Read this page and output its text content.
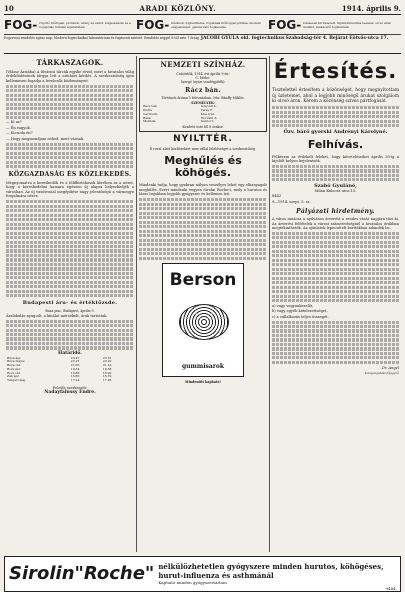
10	ARADI KÖZLÖNY.	1914. április 9.
FOG- rögzítő műfogak, plombok, arany és ezüst, szájsebészet és a fogápolás minden ágazatában.	FOG- húzások, fogbeültetés, fogaknak műfoggal pótlása, modern szájsebészet, gázzal való fogkezelés.	FOG- Ízlésesen kivitelezett, fájdalommentes kezelés, olcsó árak mellett, szakszerű fogmunkák.
Fogorvosi rendelés egész nap. Modern fogtechnikai laboratórium és fogászati intézet. Rendelés reggel 8-tól este 7 óráig. JACOBI GYULA okl. fogtechnikus Szabadság-tér 4. Bejárat Eötvös-utca 17.
TÁRKASZAGOK.
(Válasz Ázsiába) A fővárosi tárcák egyike rövid, mert a hivatalos világ érdeklődésének tárgya lett a színházi kérdés. A szerkesztőség igen kellemesen fogadja a levelezők közleményeit.
— Ki az?
— Én vagyok.
— Kicsoda én?
— Hogy megmondjam neked, mert várnak.
KÖZGAZDASÁG ÉS KÖZLEKEDÉS.
Megnyomatva a kereskedők és a földbirtokosok körében az a nézet, hogy a kereskedelmi kamara egészen új alapra helyezkedjék a városban. Az új vasútvonal megépítése nagy jelentőségű a vármegye forgalmára nézve.
Budapesti áru- és értéktőzsde.
Buza piac, Budapest, április 9.
Áralakulás nyugodt, a kínálat mérsékelt, árak tartottak.
Határidő.
Búza ápr.	23.47	23.52
Búza május	23.15	23.20
Búza okt.	21.06	21.10
Rozs ápr.	19.34	19.36
Rozs okt.	16.88	16.90
Zab ápr.	16.66	16.70
Tengeri máj.	17.24	17.26
Felelős szerkesztő:
Nadayfalussy Endre.
NEMZETI SZÍNHÁZ.
Csütörtök, 1914. évi április 9-én:
C. bérlet.
Szergé (nyári vendégjáték):
Rácz bán.
Történeti dráma 5 felvonásban. Irta: Bánffy Miklós.
SZEMÉLYEK:
Rácz bán	Ungvári L.
Endre	Taray F.
Gertrudis	Kiss Irén
Bánk	Horváth Z.
Melinda	Kántor I.
Kezdete este fél 8 órakor.
NYILTTÉR.
E rovat alatt közlöttekért nem vállal felelősséget a szerkesztőség.
Meghűlés és köhögés.
Mindenki tudja, hogy gyakran milyen veszélyes lehet egy elhanyagolt meghűlés. Ezért mindenki vegyen Sirolin Roche-t, mely a hurutos és lázas bajokban legjobb gyógyszer és kellemes ízű.
Berson
gummisarok
Mindenütt kapható!
Értesítés.
Tisztelettel értesítem a közönséget, hogy megnyitottam új üzletemet, ahol a legjobb minőségű árukat szolgálom ki olcsó áron. Kérem a közönség szíves pártfogását.
Özv. báró gyorski Andrényi Károlyné.
Felhívás.
Felkérem az érdekelt feleket, hogy követeléseiket április 30-ig a kijelölt helyen bejelentsék.
Szabó Gyuláné,
Milan Kalocsa-utca 15.
8442
9—1914. szept. 5. sz.
Pályázati hirdetmény.
A város tanácsa a nyilvános árverést a rendes vásár napjára tűzi ki. Az árverési feltételek a városi számvevőségnél a hivatalos órákban megtekinthetők. Az ajánlatok lepecsételt borítékban adandók be.
a) vagy vagyonkezelői,
b) vagy egyéb kötelezettséget,
c) a vállalkozás teljes összegét.
Dr. Angel
közigazgatási főjegyző
Sirolin"Roche" nélkülözhetetlen gyógyszere minden hurutos, köhögéses, hurut-influenza és asthmánál
Kapható minden gyógyszertárban
9484.
